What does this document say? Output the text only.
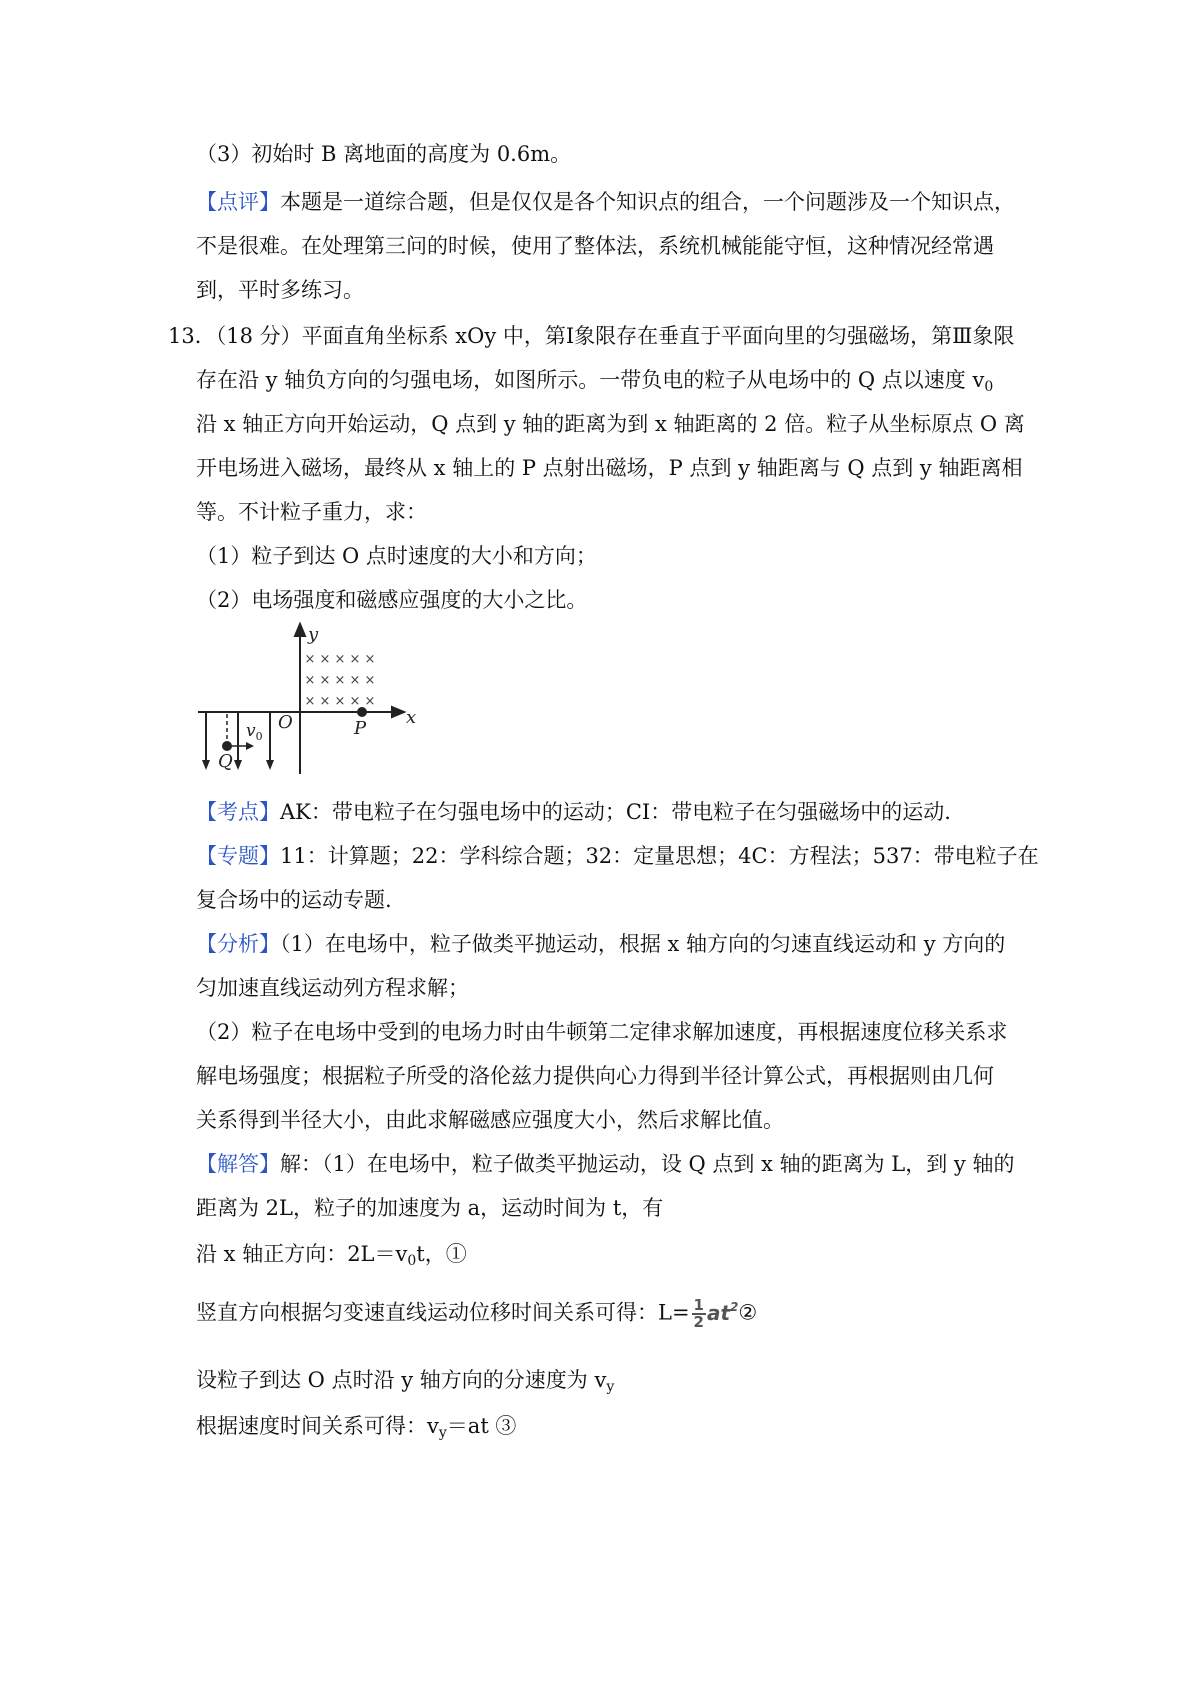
（3）初始时 B 离地面的高度为 0.6m。
【点评】本题是一道综合题，但是仅仅是各个知识点的组合，一个问题涉及一个知识点，
不是很难。在处理第三问的时候，使用了整体法，系统机械能能守恒，这种情况经常遇
到，平时多练习。
13．（18 分）平面直角坐标系 xOy 中，第Ⅰ象限存在垂直于平面向里的匀强磁场，第Ⅲ象限
存在沿 y 轴负方向的匀强电场，如图所示。一带负电的粒子从电场中的 Q 点以速度 $v_0$
沿 x 轴正方向开始运动，Q 点到 y 轴的距离为到 x 轴距离的 2 倍。粒子从坐标原点 O 离
开电场进入磁场，最终从 x 轴上的 P 点射出磁场，P 点到 y 轴距离与 Q 点到 y 轴距离相
等。不计粒子重力，求：
（1）粒子到达 O 点时速度的大小和方向；
（2）电场强度和磁感应强度的大小之比。
× × × × ×
× × × × ×
× × × × ×
y
x
O	P
Q
$v_0$
【考点】AK：带电粒子在匀强电场中的运动；CI：带电粒子在匀强磁场中的运动.
【专题】11：计算题；22：学科综合题；32：定量思想；4C：方程法；537：带电粒子在
复合场中的运动专题.
【分析】（1）在电场中，粒子做类平抛运动，根据 x 轴方向的匀速直线运动和 y 方向的
匀加速直线运动列方程求解；
（2）粒子在电场中受到的电场力时由牛顿第二定律求解加速度，再根据速度位移关系求
解电场强度；根据粒子所受的洛伦兹力提供向心力得到半径计算公式，再根据则由几何
关系得到半径大小，由此求解磁感应强度大小，然后求解比值。
【解答】解：（1）在电场中，粒子做类平抛运动，设 Q 点到 x 轴的距离为 L，到 y 轴的
距离为 2L，粒子的加速度为 a，运动时间为 t，有
沿 x 轴正方向：$2L=v_0t$，①
竖直方向根据匀变速直线运动位移时间关系可得：$L= \frac{1}{2}$ $at^2②$
设粒子到达 O 点时沿 y 轴方向的分速度为 $v_y$
根据速度时间关系可得：$v_y=at$ ③
